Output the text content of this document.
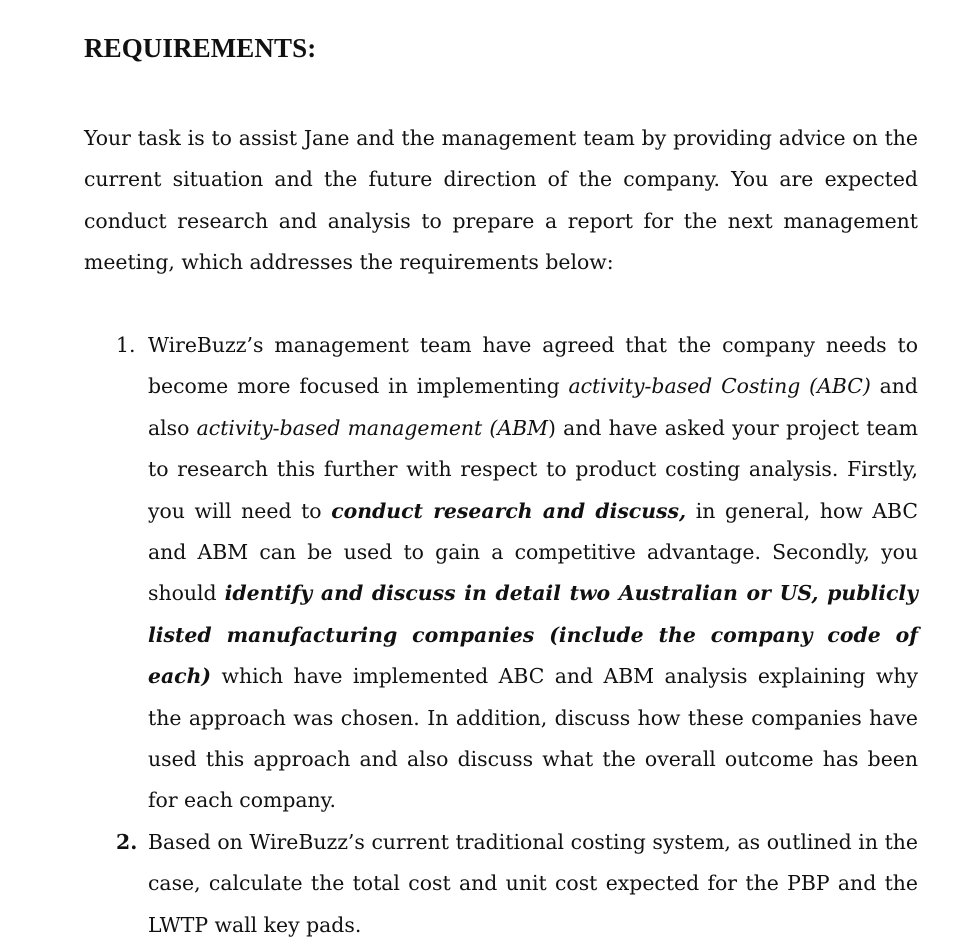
REQUIREMENTS:

Your task is to assist Jane and the management team by providing advice on the current situation and the future direction of the company. You are expected conduct research and analysis to prepare a report for the next management meeting, which addresses the requirements below:

1. WireBuzz’s management team have agreed that the company needs to become more focused in implementing activity-based Costing (ABC) and also activity-based management (ABM) and have asked your project team to research this further with respect to product costing analysis. Firstly, you will need to conduct research and discuss, in general, how ABC and ABM can be used to gain a competitive advantage. Secondly, you should identify and discuss in detail two Australian or US, publicly listed manufacturing companies (include the company code of each) which have implemented ABC and ABM analysis explaining why the approach was chosen. In addition, discuss how these companies have used this approach and also discuss what the overall outcome has been for each company.

2. Based on WireBuzz’s current traditional costing system, as outlined in the case, calculate the total cost and unit cost expected for the PBP and the LWTP wall key pads.
